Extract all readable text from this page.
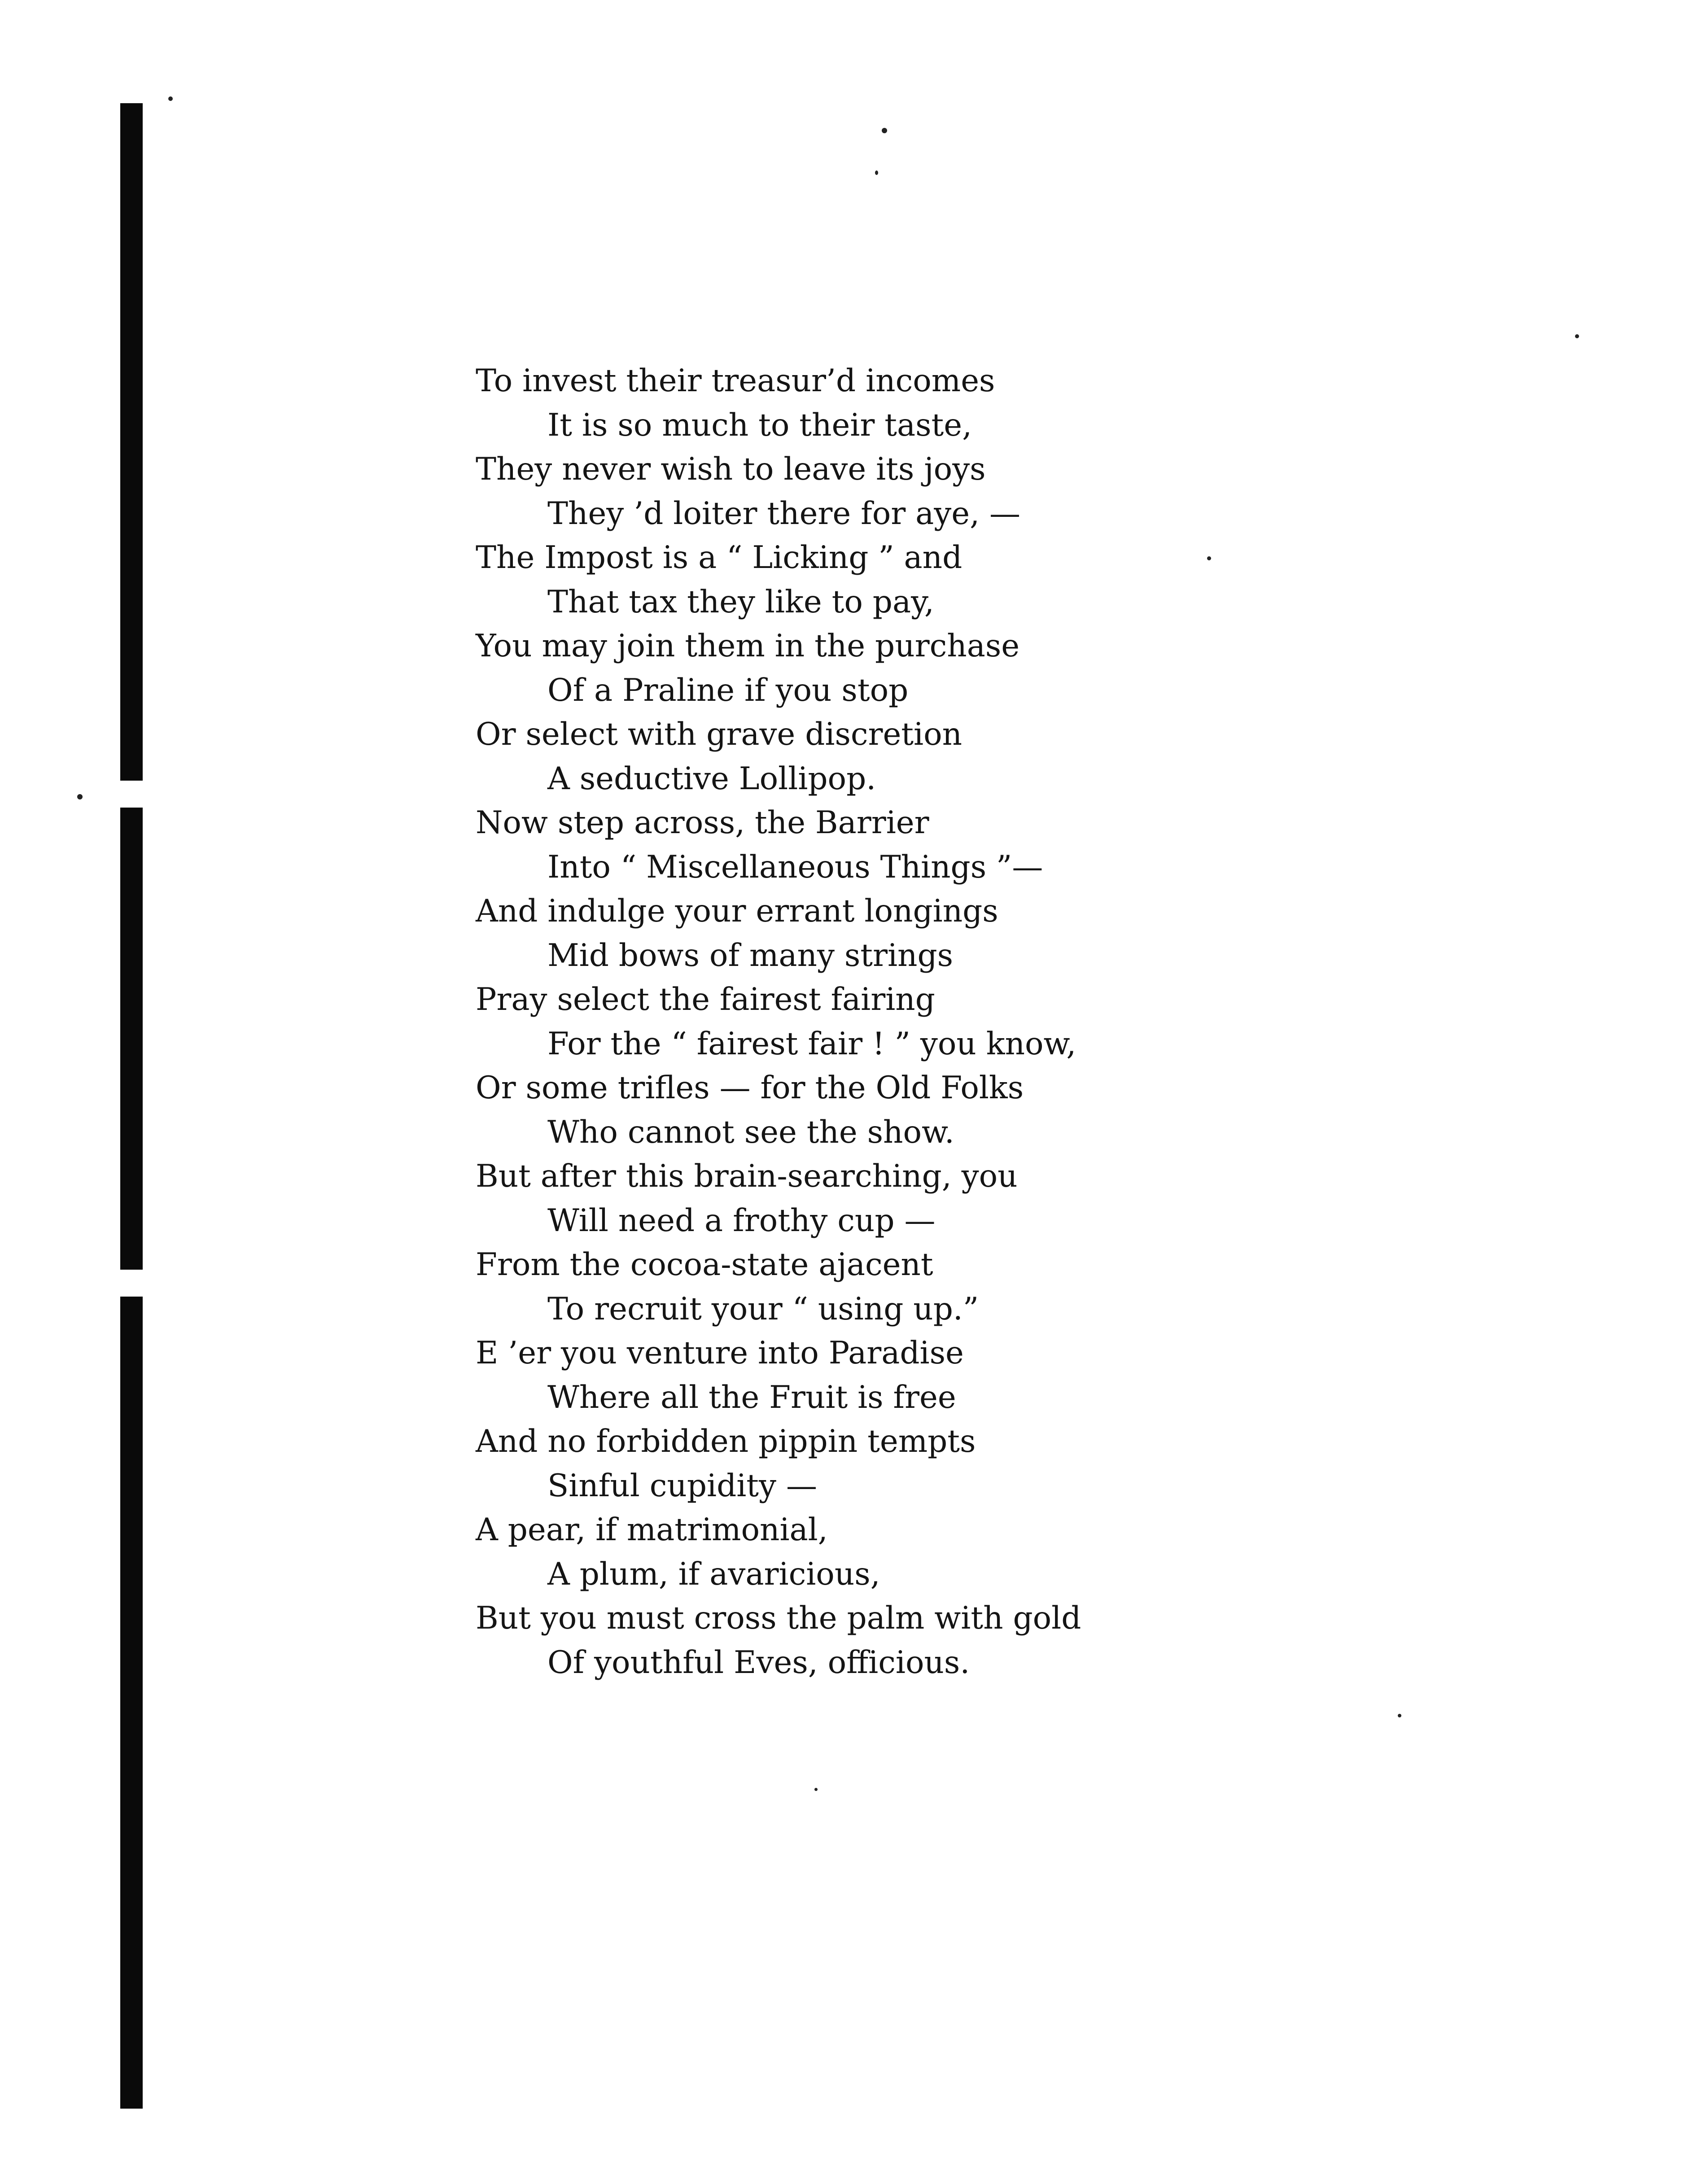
To invest their treasur’d incomes
It is so much to their taste,
They never wish to leave its joys
They ’d loiter there for aye, —
The Impost is a “ Licking ” and
That tax they like to pay,
You may join them in the purchase
Of a Praline if you stop
Or select with grave discretion
A seductive Lollipop.
Now step across, the Barrier
Into “ Miscellaneous Things ”—
And indulge your errant longings
Mid bows of many strings
Pray select the fairest fairing
For the “ fairest fair ! ” you know,
Or some trifles — for the Old Folks
Who cannot see the show.
But after this brain-searching, you
Will need a frothy cup —
From the cocoa-state ajacent
To recruit your “ using up.”
E ’er you venture into Paradise
Where all the Fruit is free
And no forbidden pippin tempts
Sinful cupidity —
A pear, if matrimonial,
A plum, if avaricious,
But you must cross the palm with gold
Of youthful Eves, officious.
